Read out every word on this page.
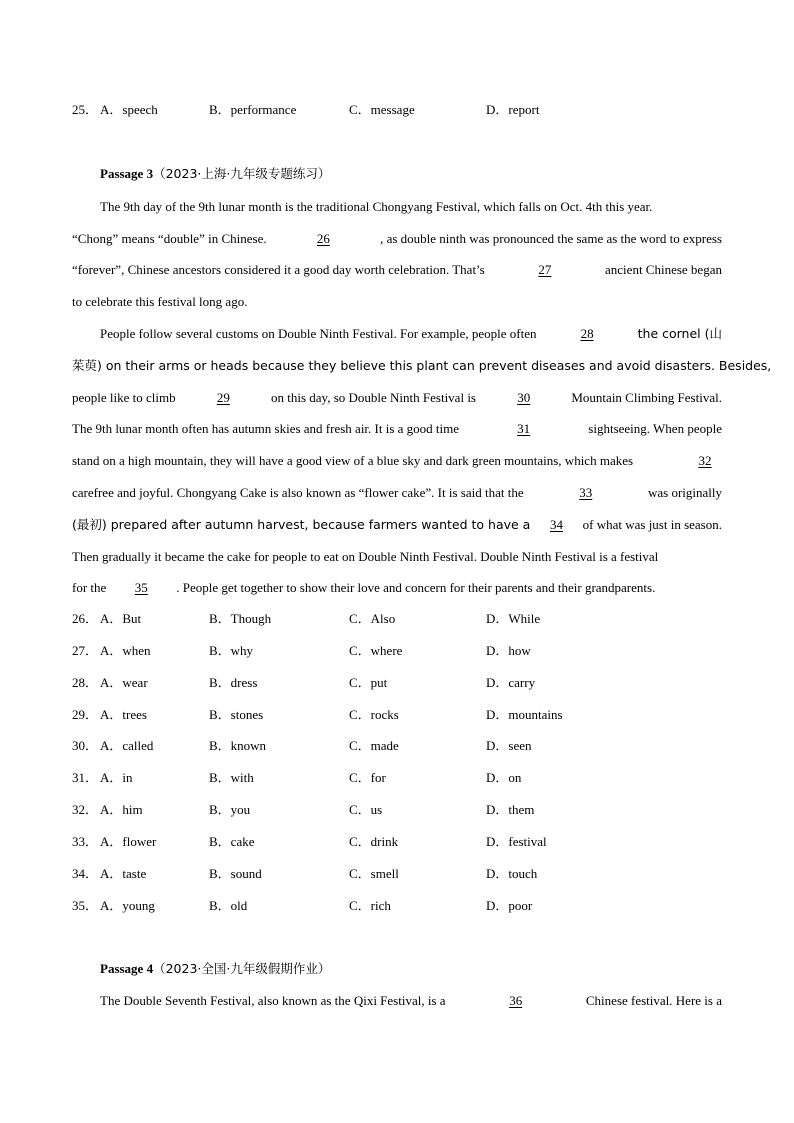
25． A．speech	B．performance	C．message	D．report
Passage 3（2023·上海·九年级专题练习）
The 9th day of the 9th lunar month is the traditional Chongyang Festival, which falls on Oct. 4th this year.
“Chong” means “double” in Chinese.	26	, as double ninth was pronounced the same as the word to express
“forever”, Chinese ancestors considered it a good day worth celebration. That’s	27	ancient Chinese began
to celebrate this festival long ago.
People follow several customs on Double Ninth Festival. For example, people often	28	the cornel (山
茱萸) on their arms or heads because they believe this plant can prevent diseases and avoid disasters. Besides,
people like to climb	29	on this day, so Double Ninth Festival is	30	Mountain Climbing Festival.
The 9th lunar month often has autumn skies and fresh air. It is a good time	31	sightseeing. When people
stand on a high mountain, they will have a good view of a blue sky and dark green mountains, which makes	32
carefree and joyful. Chongyang Cake is also known as “flower cake”. It is said that the	33	was originally
(最初) prepared after autumn harvest, because farmers wanted to have a	34	of what was just in season.
Then gradually it became the cake for people to eat on Double Ninth Festival. Double Ninth Festival is a festival
for the	35	. People get together to show their love and concern for their parents and their grandparents.
26． A．But	B．Though	C．Also	D．While
27． A．when	B．why	C．where	D．how
28． A．wear	B．dress	C．put	D．carry
29． A．trees	B．stones	C．rocks	D．mountains
30． A．called	B．known	C．made	D．seen
31． A．in	B．with	C．for	D．on
32． A．him	B．you	C．us	D．them
33． A．flower	B．cake	C．drink	D．festival
34． A．taste	B．sound	C．smell	D．touch
35． A．young	B．old	C．rich	D．poor
Passage 4（2023·全国·九年级假期作业）
The Double Seventh Festival, also known as the Qixi Festival, is a	36	Chinese festival. Here is a
